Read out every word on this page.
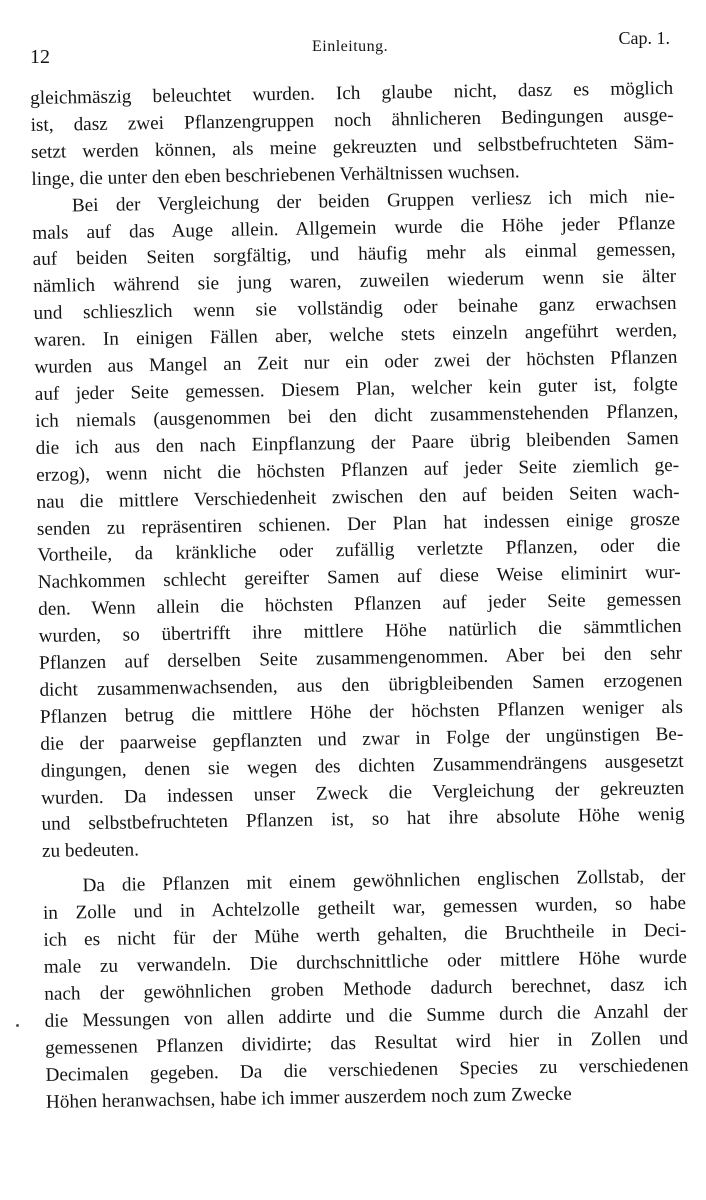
12	Einleitung.	Cap. 1.
gleichmäszig beleuchtet wurden. Ich glaube nicht, dasz es möglich
ist, dasz zwei Pflanzengruppen noch ähnlicheren Bedingungen ausge-
setzt werden können, als meine gekreuzten und selbstbefruchteten Säm-
linge, die unter den eben beschriebenen Verhältnissen wuchsen.
Bei der Vergleichung der beiden Gruppen verliesz ich mich nie-
mals auf das Auge allein. Allgemein wurde die Höhe jeder Pflanze
auf beiden Seiten sorgfältig, und häufig mehr als einmal gemessen,
nämlich während sie jung waren, zuweilen wiederum wenn sie älter
und schlieszlich wenn sie vollständig oder beinahe ganz erwachsen
waren. In einigen Fällen aber, welche stets einzeln angeführt werden,
wurden aus Mangel an Zeit nur ein oder zwei der höchsten Pflanzen
auf jeder Seite gemessen. Diesem Plan, welcher kein guter ist, folgte
ich niemals (ausgenommen bei den dicht zusammenstehenden Pflanzen,
die ich aus den nach Einpflanzung der Paare übrig bleibenden Samen
erzog), wenn nicht die höchsten Pflanzen auf jeder Seite ziemlich ge-
nau die mittlere Verschiedenheit zwischen den auf beiden Seiten wach-
senden zu repräsentiren schienen. Der Plan hat indessen einige grosze
Vortheile, da kränkliche oder zufällig verletzte Pflanzen, oder die
Nachkommen schlecht gereifter Samen auf diese Weise eliminirt wur-
den. Wenn allein die höchsten Pflanzen auf jeder Seite gemessen
wurden, so übertrifft ihre mittlere Höhe natürlich die sämmtlichen
Pflanzen auf derselben Seite zusammengenommen. Aber bei den sehr
dicht zusammenwachsenden, aus den übrigbleibenden Samen erzogenen
Pflanzen betrug die mittlere Höhe der höchsten Pflanzen weniger als
die der paarweise gepflanzten und zwar in Folge der ungünstigen Be-
dingungen, denen sie wegen des dichten Zusammendrängens ausgesetzt
wurden. Da indessen unser Zweck die Vergleichung der gekreuzten
und selbstbefruchteten Pflanzen ist, so hat ihre absolute Höhe wenig
zu bedeuten.
Da die Pflanzen mit einem gewöhnlichen englischen Zollstab, der
in Zolle und in Achtelzolle getheilt war, gemessen wurden, so habe
ich es nicht für der Mühe werth gehalten, die Bruchtheile in Deci-
male zu verwandeln. Die durchschnittliche oder mittlere Höhe wurde
nach der gewöhnlichen groben Methode dadurch berechnet, dasz ich
die Messungen von allen addirte und die Summe durch die Anzahl der
gemessenen Pflanzen dividirte; das Resultat wird hier in Zollen und
Decimalen gegeben. Da die verschiedenen Species zu verschiedenen
Höhen heranwachsen, habe ich immer auszerdem noch zum Zwecke
